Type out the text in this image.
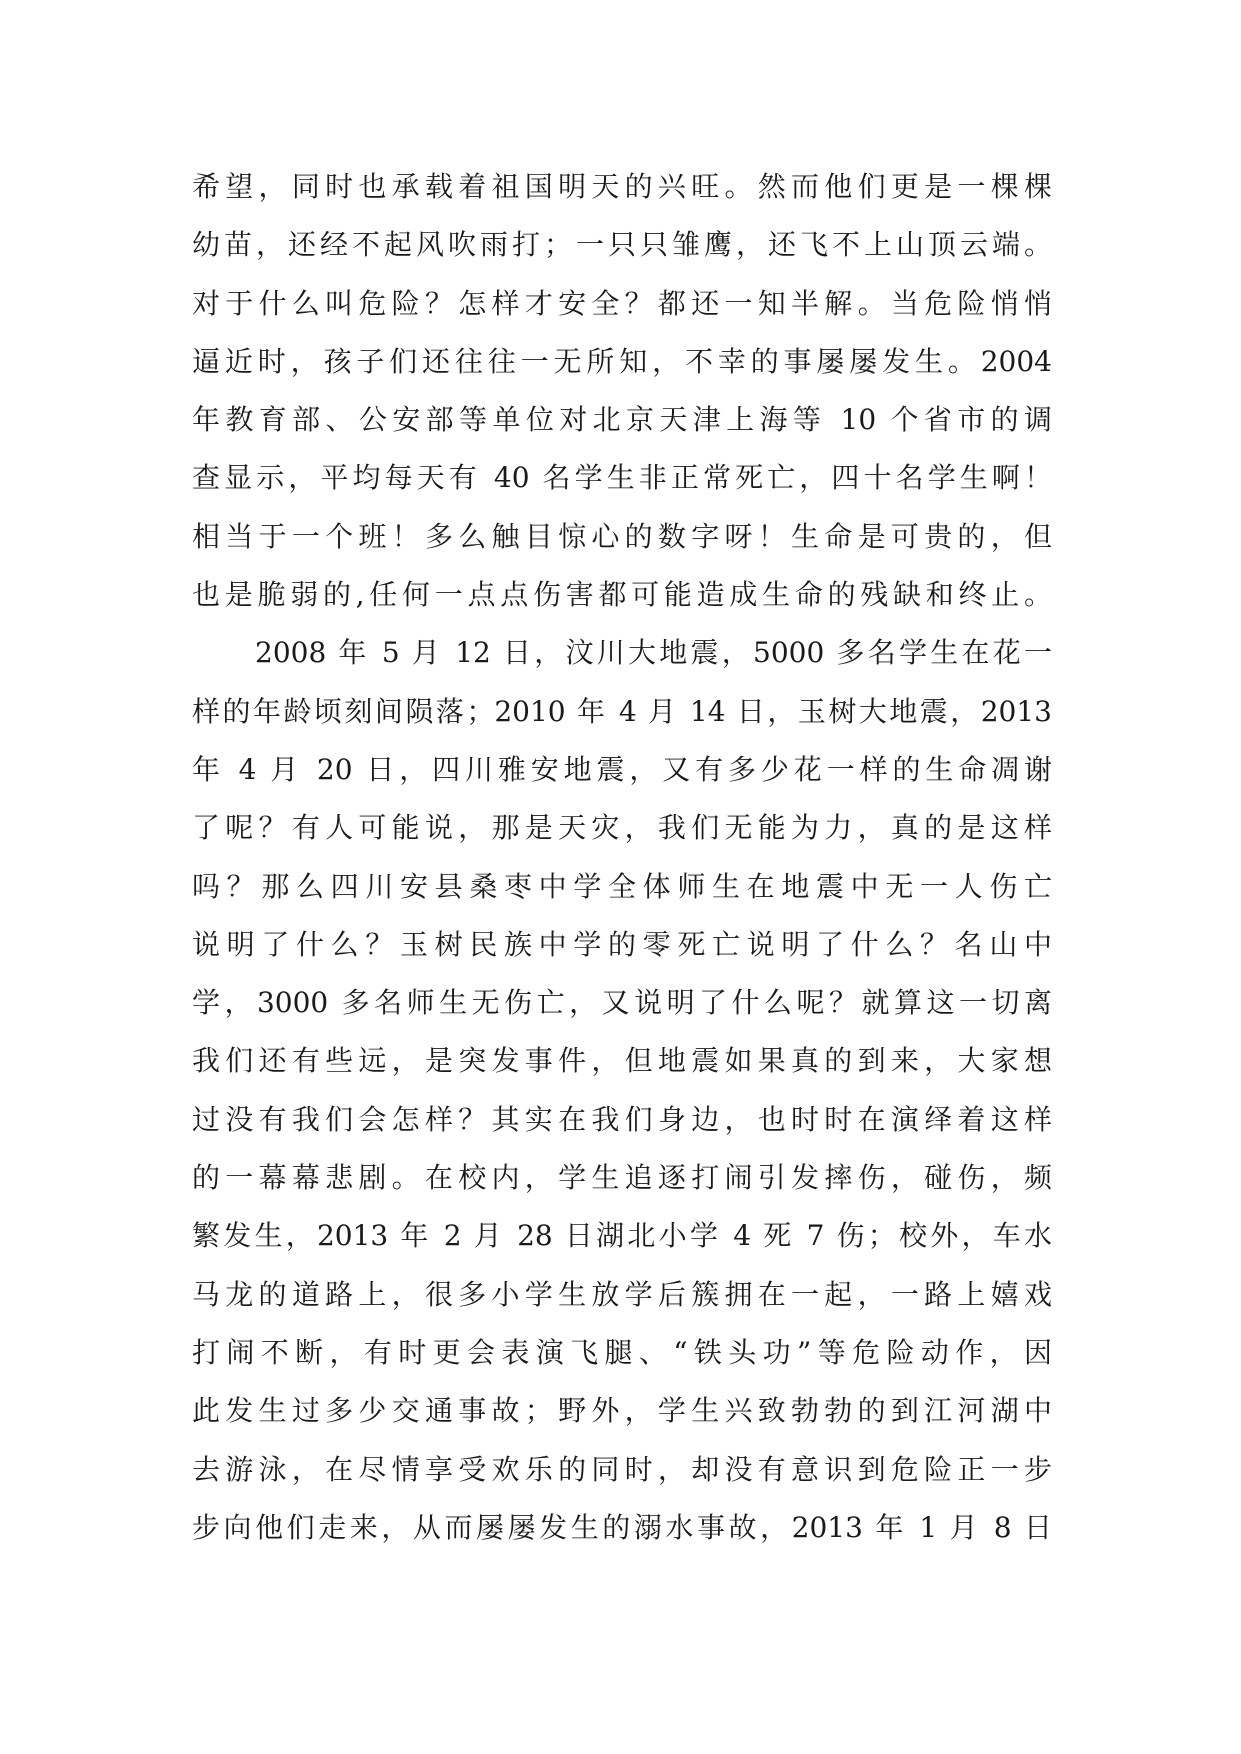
希望，同时也承载着祖国明天的兴旺。然而他们更是一棵棵
幼苗，还经不起风吹雨打；一只只雏鹰，还飞不上山顶云端。
对于什么叫危险？怎样才安全？都还一知半解。当危险悄悄
逼近时，孩子们还往往一无所知，不幸的事屡屡发生。2004
年教育部、公安部等单位对北京天津上海等 10 个省市的调
查显示，平均每天有 40 名学生非正常死亡，四十名学生啊！
相当于一个班！多么触目惊心的数字呀！生命是可贵的，但
也是脆弱的,任何一点点伤害都可能造成生命的残缺和终止。
2008 年 5 月 12 日，汶川大地震，5000 多名学生在花一
样的年龄顷刻间陨落；2010 年 4 月 14 日，玉树大地震，2013
年 4 月 20 日，四川雅安地震，又有多少花一样的生命凋谢
了呢？有人可能说，那是天灾，我们无能为力，真的是这样
吗？那么四川安县桑枣中学全体师生在地震中无一人伤亡
说明了什么？玉树民族中学的零死亡说明了什么？名山中
学，3000 多名师生无伤亡，又说明了什么呢？就算这一切离
我们还有些远，是突发事件，但地震如果真的到来，大家想
过没有我们会怎样？其实在我们身边，也时时在演绎着这样
的一幕幕悲剧。在校内，学生追逐打闹引发摔伤，碰伤，频
繁发生，2013 年 2 月 28 日湖北小学 4 死 7 伤；校外，车水
马龙的道路上，很多小学生放学后簇拥在一起，一路上嬉戏
打闹不断，有时更会表演飞腿、“铁头功”等危险动作，因
此发生过多少交通事故；野外，学生兴致勃勃的到江河湖中
去游泳，在尽情享受欢乐的同时，却没有意识到危险正一步
步向他们走来，从而屡屡发生的溺水事故，2013 年 1 月 8 日
